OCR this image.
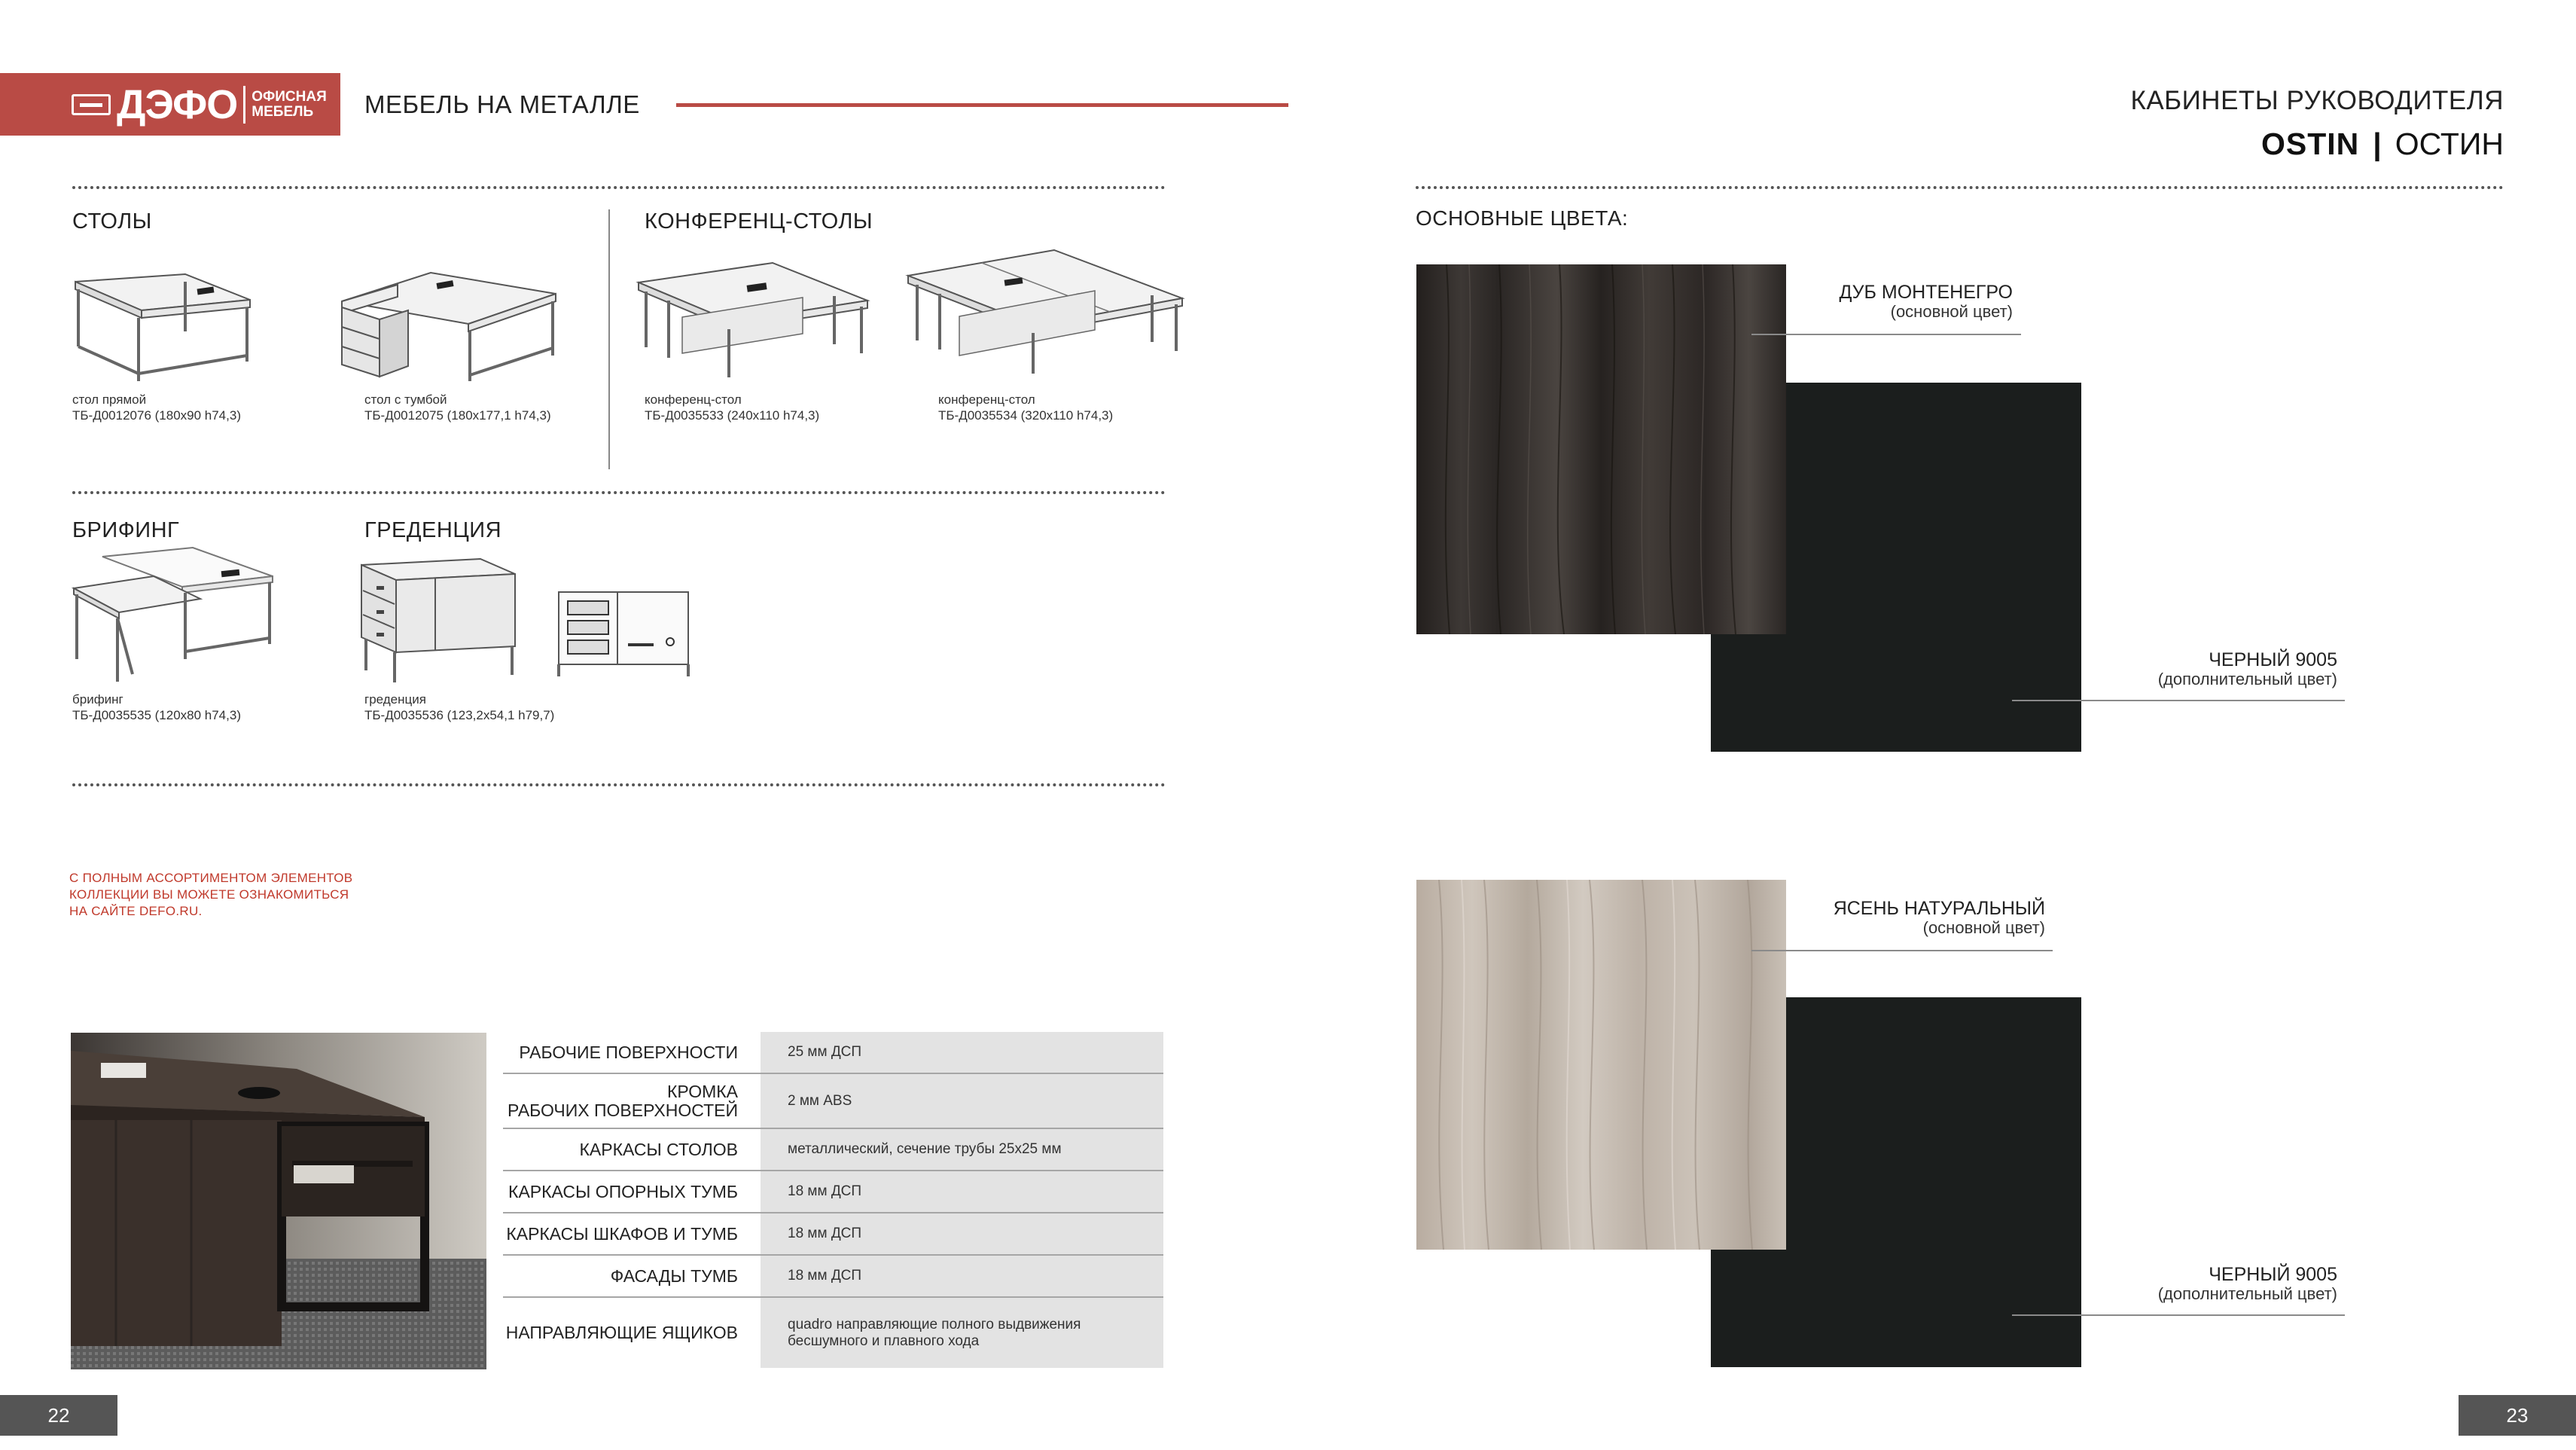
ДЭФО ОФИСНАЯ
МЕБЕЛЬ	МЕБЕЛЬ НА МЕТАЛЛЕ	КАБИНЕТЫ РУКОВОДИТЕЛЯ
OSTIN | ОСТИН
СТОЛЫ	КОНФЕРЕНЦ-СТОЛЫ
БРИФИНГ	ГРЕДЕНЦИЯ
стол прямой
ТБ-Д0012076 (180х90 h74,3)
стол с тумбой
ТБ-Д0012075 (180х177,1 h74,3)
конференц-стол
ТБ-Д0035533 (240х110 h74,3)
конференц-стол
ТБ-Д0035534 (320х110 h74,3)
брифинг
ТБ-Д0035535 (120х80 h74,3)
греденция
ТБ-Д0035536 (123,2х54,1 h79,7)
С ПОЛНЫМ АССОРТИМЕНТОМ ЭЛЕМЕНТОВ
КОЛЛЕКЦИИ ВЫ МОЖЕТЕ ОЗНАКОМИТЬСЯ
НА САЙТЕ DEFO.RU.
РАБОЧИЕ ПОВЕРХНОСТИ	25 мм ДСП
КРОМКА
РАБОЧИХ ПОВЕРХНОСТЕЙ	2 мм ABS
КАРКАСЫ СТОЛОВ	металлический, сечение трубы 25х25 мм
КАРКАСЫ ОПОРНЫХ ТУМБ	18 мм ДСП
КАРКАСЫ ШКАФОВ И ТУМБ	18 мм ДСП
ФАСАДЫ ТУМБ	18 мм ДСП
НАПРАВЛЯЮЩИЕ ЯЩИКОВ	quadro направляющие полного выдвижения
бесшумного и плавного хода
ОСНОВНЫЕ ЦВЕТА:
ДУБ МОНТЕНЕГРО
(основной цвет)
ЧЕРНЫЙ 9005
(дополнительный цвет)
ЯСЕНЬ НАТУРАЛЬНЫЙ
(основной цвет)
ЧЕРНЫЙ 9005
(дополнительный цвет)
22	23
